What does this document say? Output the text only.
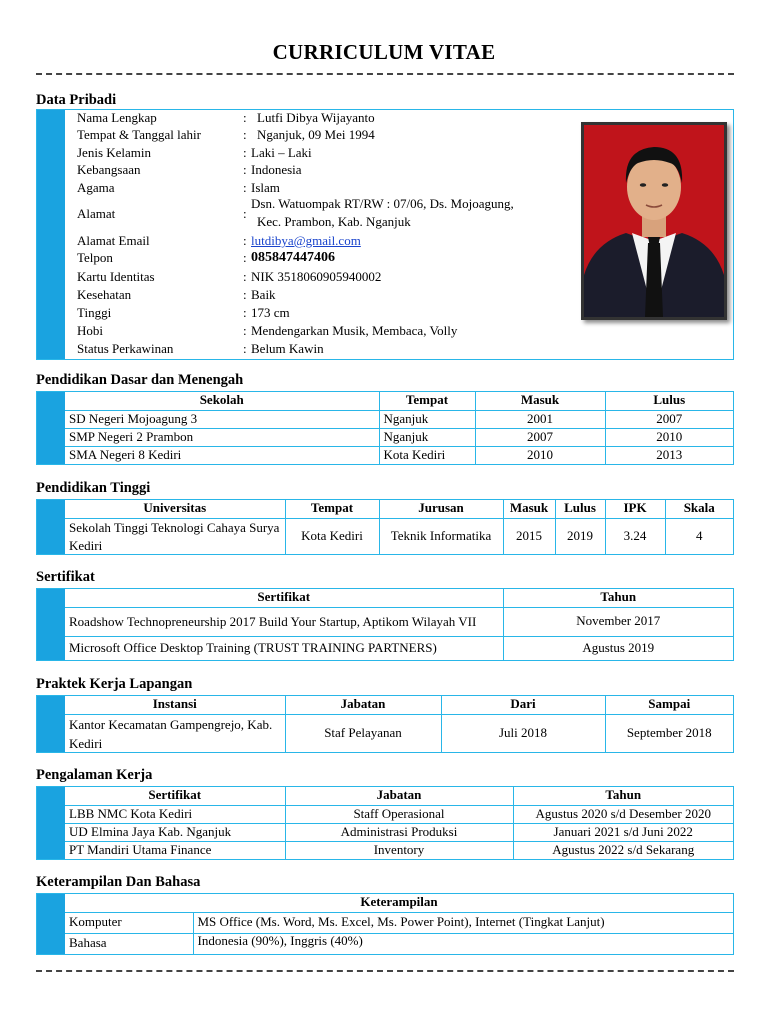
CURRICULUM VITAE
Data Pribadi
Nama Lengkap	: Lutfi Dibya Wijayanto
Tempat & Tanggal lahir	: Nganjuk, 09 Mei 1994
Jenis Kelamin	: Laki – Laki
Kebangsaan	: Indonesia
Agama	: Islam
Alamat	:
Dsn. Watuompak RT/RW : 07/06, Ds. Mojoagung,
Kec. Prambon, Kab. Nganjuk
Alamat Email	: lutdibya@gmail.com
Telpon	: 085847447406
Kartu Identitas	: NIK 3518060905940002
Kesehatan	: Baik
Tinggi	: 173 cm
Hobi	: Mendengarkan Musik, Membaca, Volly
Status Perkawinan	: Belum Kawin
Pendidikan Dasar dan Menengah
Sekolah	Tempat	Masuk	Lulus
SD Negeri Mojoagung 3	Nganjuk	2001	2007
SMP Negeri 2 Prambon	Nganjuk	2007	2010
SMA Negeri 8 Kediri	Kota Kediri	2010	2013
Pendidikan Tinggi
Universitas	Tempat	Jurusan	Masuk	Lulus	IPK	Skala
Sekolah Tinggi Teknologi Cahaya Surya Kediri	Kota Kediri	Teknik Informatika	2015	2019	3.24	4
Sertifikat
Sertifikat	Tahun
Roadshow Technopreneurship 2017 Build Your Startup, Aptikom Wilayah VII	November 2017
Microsoft Office Desktop Training (TRUST TRAINING PARTNERS)	Agustus 2019
Praktek Kerja Lapangan
Instansi	Jabatan	Dari	Sampai
Kantor Kecamatan Gampengrejo, Kab. Kediri	Staf Pelayanan	Juli 2018	September 2018
Pengalaman Kerja
Sertifikat	Jabatan	Tahun
LBB NMC Kota Kediri	Staff Operasional	Agustus 2020 s/d Desember 2020
UD Elmina Jaya Kab. Nganjuk	Administrasi Produksi	Januari 2021 s/d Juni 2022
PT Mandiri Utama Finance	Inventory	Agustus 2022 s/d Sekarang
Keterampilan Dan Bahasa
Keterampilan	
Komputer	MS Office (Ms. Word, Ms. Excel, Ms. Power Point), Internet (Tingkat Lanjut)
Bahasa	Indonesia (90%), Inggris (40%)
